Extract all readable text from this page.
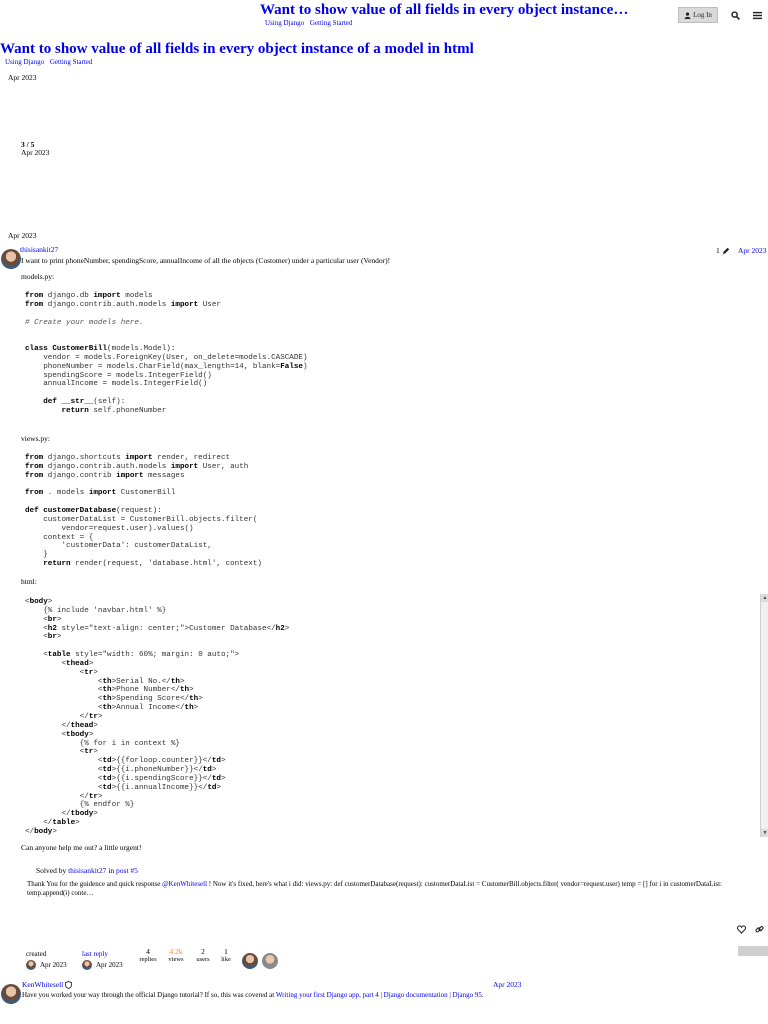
Want to show value of all fields in every object instance…
Using Django Getting Started
Log In
Want to show value of all fields in every object instance of a model in html
Using Django Getting Started
Apr 2023
3 / 5
Apr 2023
Apr 2023
thisisankit27	1	Apr 2023
I want to print phoneNumber, spendingScore, annualIncome of all the objects (Customer) under a particular user (Vendor)!
models.py:
from django.db import models
from django.contrib.auth.models import User

# Create your models here.

class CustomerBill(models.Model):
vendor = models.ForeignKey(User, on_delete=models.CASCADE)
phoneNumber = models.CharField(max_length=14, blank=False)
spendingScore = models.IntegerField()
annualIncome = models.IntegerField()

def __str__(self):
return self.phoneNumber
views.py:
from django.shortcuts import render, redirect
from django.contrib.auth.models import User, auth
from django.contrib import messages

from . models import CustomerBill

def customerDatabase(request):
customerDataList = CustomerBill.objects.filter(
vendor=request.user).values()
context = {
'customerData': customerDataList,
}
return render(request, 'database.html', context)
html:
<body>
{% include 'navbar.html' %}
<br>
<h2 style="text-align: center;">Customer Database</h2>
<br>

<table style="width: 60%; margin: 0 auto;">
<thead>
<tr>
<th>Serial No.</th>
<th>Phone Number</th>
<th>Spending Score</th>
<th>Annual Income</th>
</tr>
</thead>
<tbody>
{% for i in context %}
<tr>
<td>{{forloop.counter}}</td>
<td>{{i.phoneNumber}}</td>
<td>{{i.spendingScore}}</td>
<td>{{i.annualIncome}}</td>
</tr>
{% endfor %}
</tbody>
</table>
</body>
▲
▼
Can anyone help me out? a little urgent!
Solved by thisisankit27 in post #5
Thank You for the guidence and quick response @KenWhitesell ! Now it's fixed, here's what i did: views.py: def customerDatabase(request): customerDataList = CustomerBill.objects.filter( vendor=request.user) temp = [] for i in customerDataList: temp.append(i) conte…
created
Apr 2023
last reply
Apr 2023
4
replies
4.2k
views
2
users
1
like
KenWhitesell	Apr 2023
Have you worked your way through the official Django tutorial? If so, this was covered at Writing your first Django app, part 4 | Django documentation | Django 95.
